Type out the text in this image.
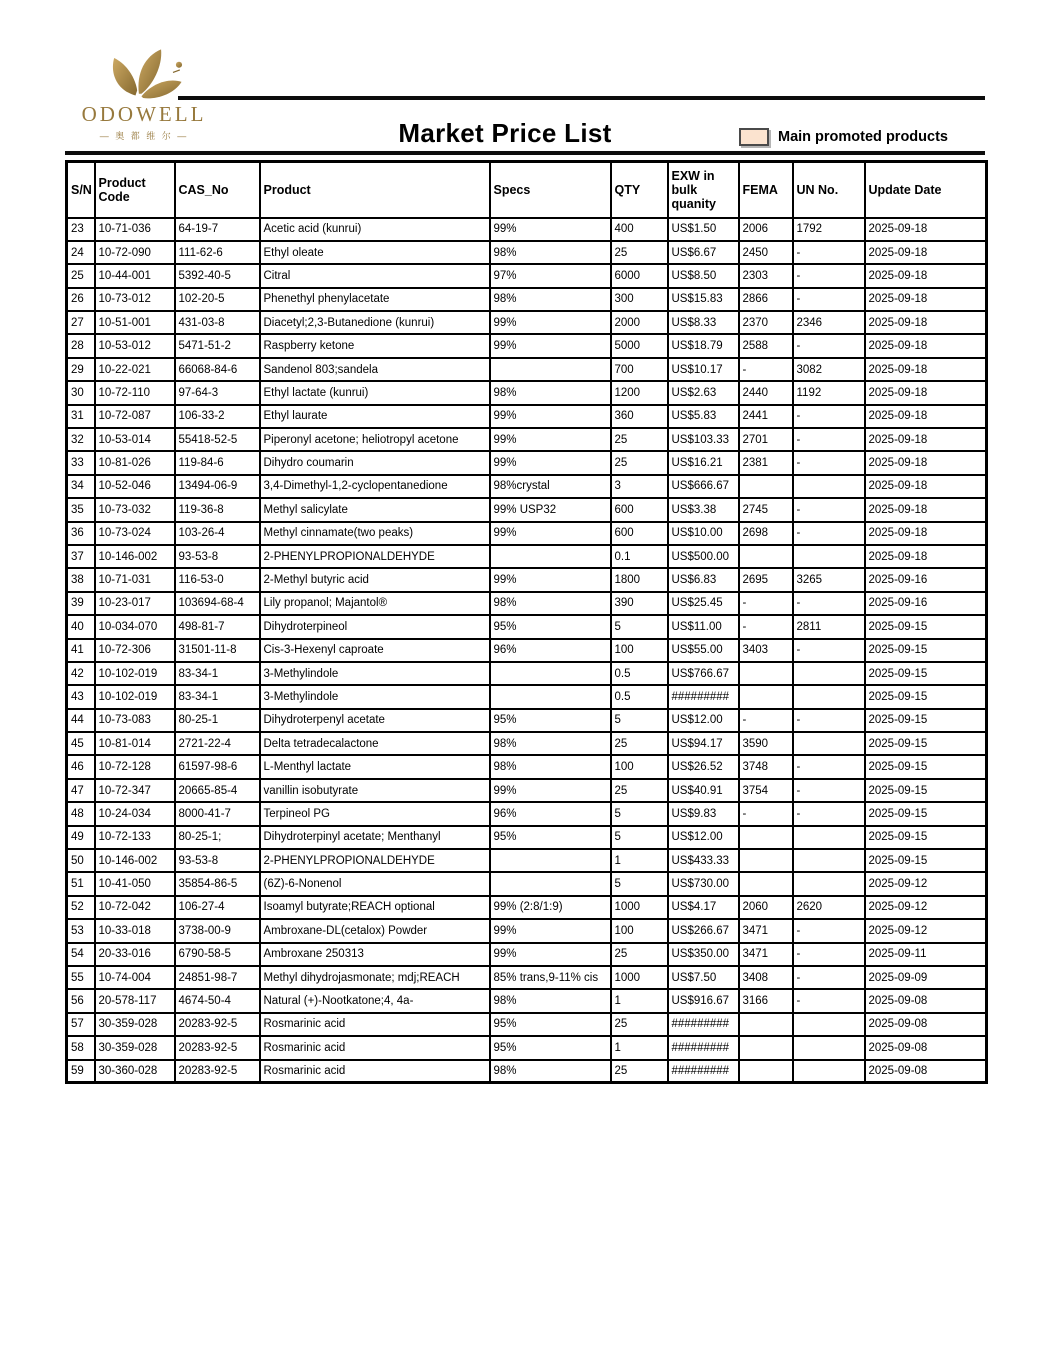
ODOWELL
— 奥 都 维 尔 —	Market Price List	Main promoted products
S/N	Product Code	CAS_No	Product	Specs	QTY	EXW in bulk quanity	FEMA	UN No.	Update Date
23	10-71-036	64-19-7	Acetic acid (kunrui)	99%	400	US$1.50	2006	1792	2025-09-18
24	10-72-090	111-62-6	Ethyl oleate	98%	25	US$6.67	2450	-	2025-09-18
25	10-44-001	5392-40-5	Citral	97%	6000	US$8.50	2303	-	2025-09-18
26	10-73-012	102-20-5	Phenethyl phenylacetate	98%	300	US$15.83	2866	-	2025-09-18
27	10-51-001	431-03-8	Diacetyl;2,3-Butanedione (kunrui)	99%	2000	US$8.33	2370	2346	2025-09-18
28	10-53-012	5471-51-2	Raspberry ketone	99%	5000	US$18.79	2588	-	2025-09-18
29	10-22-021	66068-84-6	Sandenol 803;sandela		700	US$10.17	-	3082	2025-09-18
30	10-72-110	97-64-3	Ethyl lactate (kunrui)	98%	1200	US$2.63	2440	1192	2025-09-18
31	10-72-087	106-33-2	Ethyl laurate	99%	360	US$5.83	2441	-	2025-09-18
32	10-53-014	55418-52-5	Piperonyl acetone; heliotropyl acetone	99%	25	US$103.33	2701	-	2025-09-18
33	10-81-026	119-84-6	Dihydro coumarin	99%	25	US$16.21	2381	-	2025-09-18
34	10-52-046	13494-06-9	3,4-Dimethyl-1,2-cyclopentanedione	98%crystal	3	US$666.67			2025-09-18
35	10-73-032	119-36-8	Methyl salicylate	99% USP32	600	US$3.38	2745	-	2025-09-18
36	10-73-024	103-26-4	Methyl cinnamate(two peaks)	99%	600	US$10.00	2698	-	2025-09-18
37	10-146-002	93-53-8	2-PHENYLPROPIONALDEHYDE		0.1	US$500.00			2025-09-18
38	10-71-031	116-53-0	2-Methyl butyric acid	99%	1800	US$6.83	2695	3265	2025-09-16
39	10-23-017	103694-68-4	Lily propanol; Majantol®	98%	390	US$25.45	-	-	2025-09-16
40	10-034-070	498-81-7	Dihydroterpineol	95%	5	US$11.00	-	2811	2025-09-15
41	10-72-306	31501-11-8	Cis-3-Hexenyl caproate	96%	100	US$55.00	3403	-	2025-09-15
42	10-102-019	83-34-1	3-Methylindole		0.5	US$766.67			2025-09-15
43	10-102-019	83-34-1	3-Methylindole		0.5	#########			2025-09-15
44	10-73-083	80-25-1	Dihydroterpenyl acetate	95%	5	US$12.00	-	-	2025-09-15
45	10-81-014	2721-22-4	Delta tetradecalactone	98%	25	US$94.17	3590		2025-09-15
46	10-72-128	61597-98-6	L-Menthyl lactate	98%	100	US$26.52	3748	-	2025-09-15
47	10-72-347	20665-85-4	vanillin isobutyrate	99%	25	US$40.91	3754	-	2025-09-15
48	10-24-034	8000-41-7	Terpineol PG	96%	5	US$9.83	-	-	2025-09-15
49	10-72-133	80-25-1;	Dihydroterpinyl acetate; Menthanyl	95%	5	US$12.00			2025-09-15
50	10-146-002	93-53-8	2-PHENYLPROPIONALDEHYDE		1	US$433.33			2025-09-15
51	10-41-050	35854-86-5	(6Z)-6-Nonenol		5	US$730.00			2025-09-12
52	10-72-042	106-27-4	Isoamyl butyrate;REACH optional	99% (2:8/1:9)	1000	US$4.17	2060	2620	2025-09-12
53	10-33-018	3738-00-9	Ambroxane-DL(cetalox) Powder	99%	100	US$266.67	3471	-	2025-09-12
54	20-33-016	6790-58-5	Ambroxane 250313	99%	25	US$350.00	3471	-	2025-09-11
55	10-74-004	24851-98-7	Methyl dihydrojasmonate; mdj;REACH	85% trans,9-11% cis	1000	US$7.50	3408	-	2025-09-09
56	20-578-117	4674-50-4	Natural (+)-Nootkatone;4, 4a-	98%	1	US$916.67	3166	-	2025-09-08
57	30-359-028	20283-92-5	Rosmarinic acid	95%	25	#########			2025-09-08
58	30-359-028	20283-92-5	Rosmarinic acid	95%	1	#########			2025-09-08
59	30-360-028	20283-92-5	Rosmarinic acid	98%	25	#########			2025-09-08
